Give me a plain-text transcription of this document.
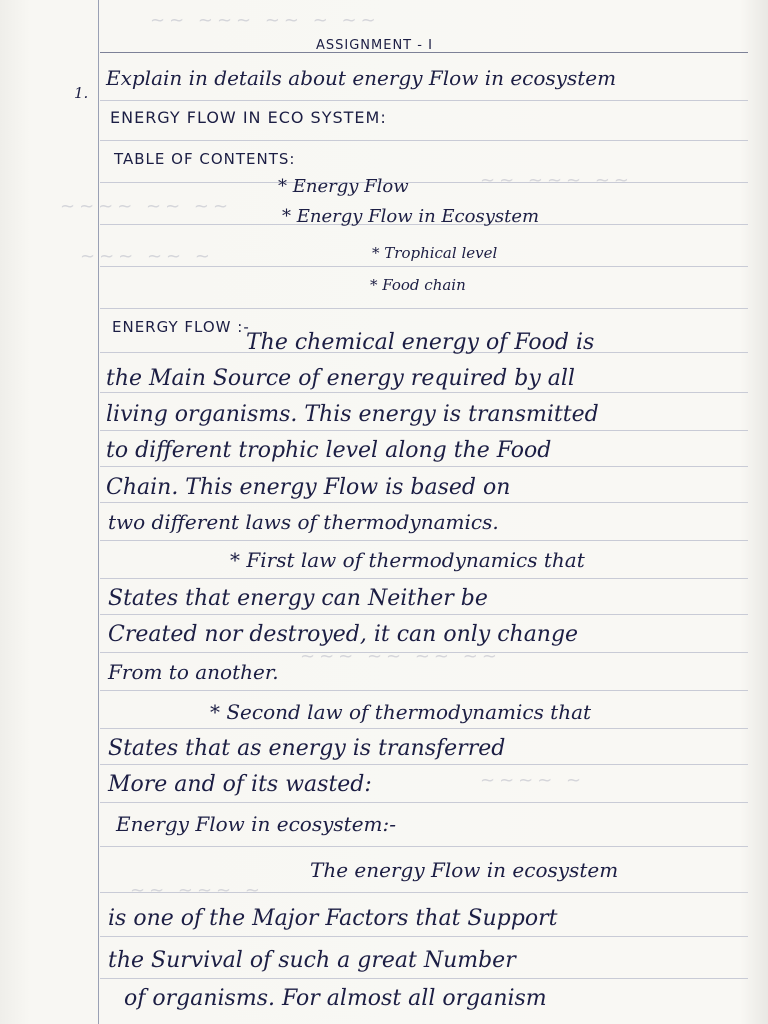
~~ ~~~ ~~ ~ ~~
~~~~ ~~ ~~
~~~ ~~ ~
~~ ~~~ ~~
~~~ ~~ ~~ ~~
~~~~ ~
~~ ~~~ ~
ASSIGNMENT - I
1.
Explain in details about energy Flow in ecosystem
ENERGY FLOW IN ECO SYSTEM:
TABLE OF CONTENTS:
* Energy Flow
* Energy Flow in Ecosystem
* Trophical level
* Food chain
ENERGY FLOW :-
The chemical energy of Food is
the Main Source of energy required by all
living organisms. This energy is transmitted
to different trophic level along the Food
Chain. This energy Flow is based on
two different laws of thermodynamics.
* First law of thermodynamics that
States that energy can Neither be
Created nor destroyed, it can only change
From to another.
* Second law of thermodynamics that
States that as energy is transferred
More and of its wasted:
Energy Flow in ecosystem:-
The energy Flow in ecosystem
is one of the Major Factors that Support
the Survival of such a great Number
of organisms. For almost all organism
